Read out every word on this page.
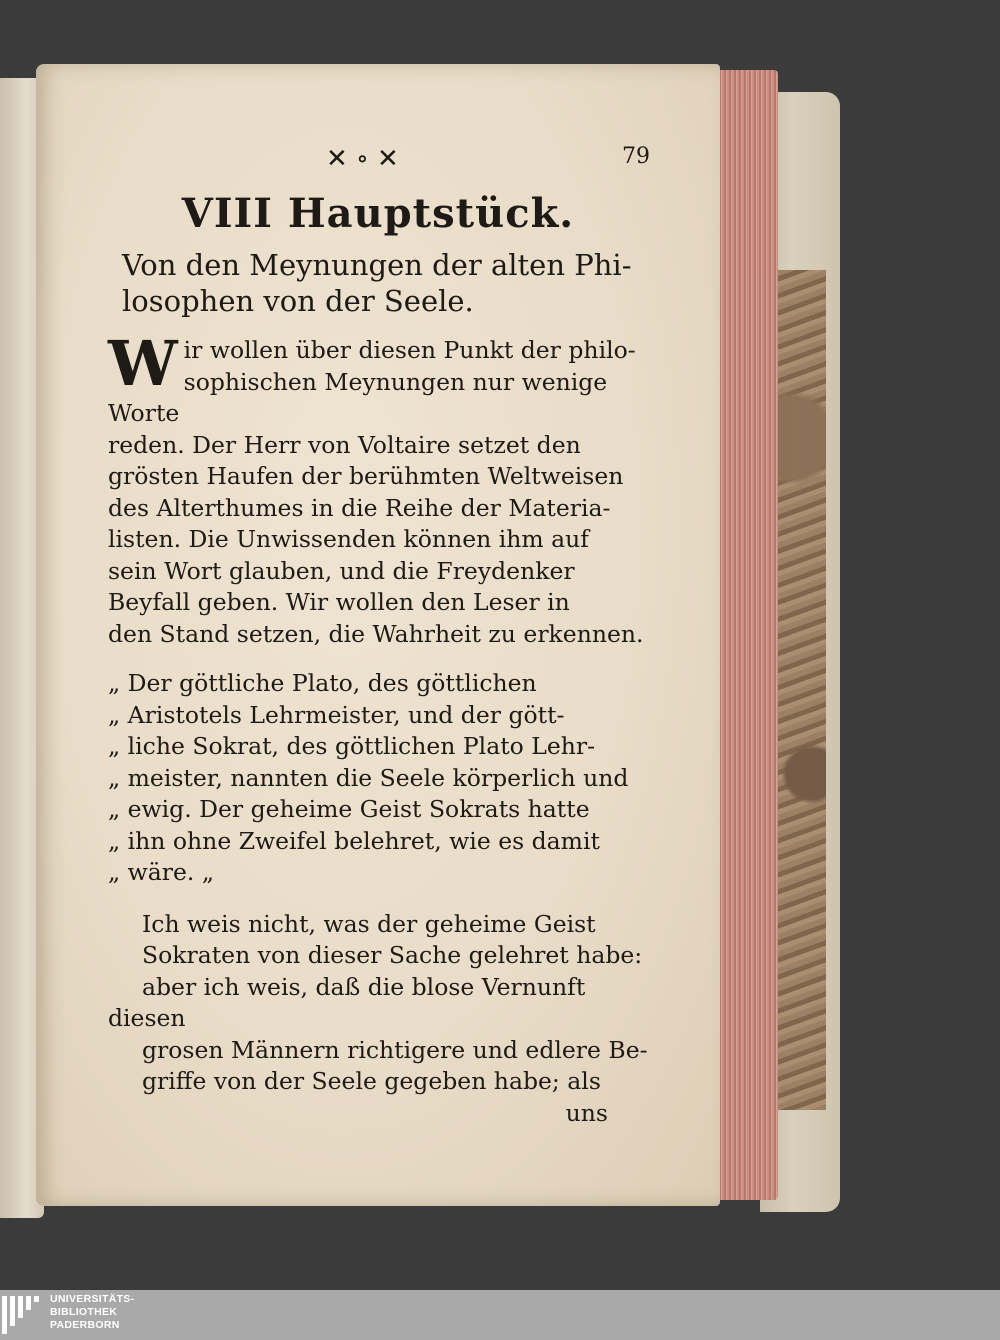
✕ ∘ ✕	79
VIII Hauptstück.
Von den Meynungen der alten Phi-
losophen von der Seele.
W ir wollen über diesen Punkt der philo-
sophischen Meynungen nur wenige Worte
reden. Der Herr von Voltaire setzet den
grösten Haufen der berühmten Weltweisen
des Alterthumes in die Reihe der Materia-
listen. Die Unwissenden können ihm auf
sein Wort glauben, und die Freydenker
Beyfall geben. Wir wollen den Leser in
den Stand setzen, die Wahrheit zu erkennen.
„ Der göttliche Plato, des göttlichen
„ Aristotels Lehrmeister, und der gött-
„ liche Sokrat, des göttlichen Plato Lehr-
„ meister, nannten die Seele körperlich und
„ ewig. Der geheime Geist Sokrats hatte
„ ihn ohne Zweifel belehret, wie es damit
„ wäre. „
Ich weis nicht, was der geheime Geist
Sokraten von dieser Sache gelehret habe:
aber ich weis, daß die blose Vernunft diesen
grosen Männern richtigere und edlere Be-
griffe von der Seele gegeben habe; als
uns
UNIVERSITÄTS-
BIBLIOTHEK
PADERBORN
